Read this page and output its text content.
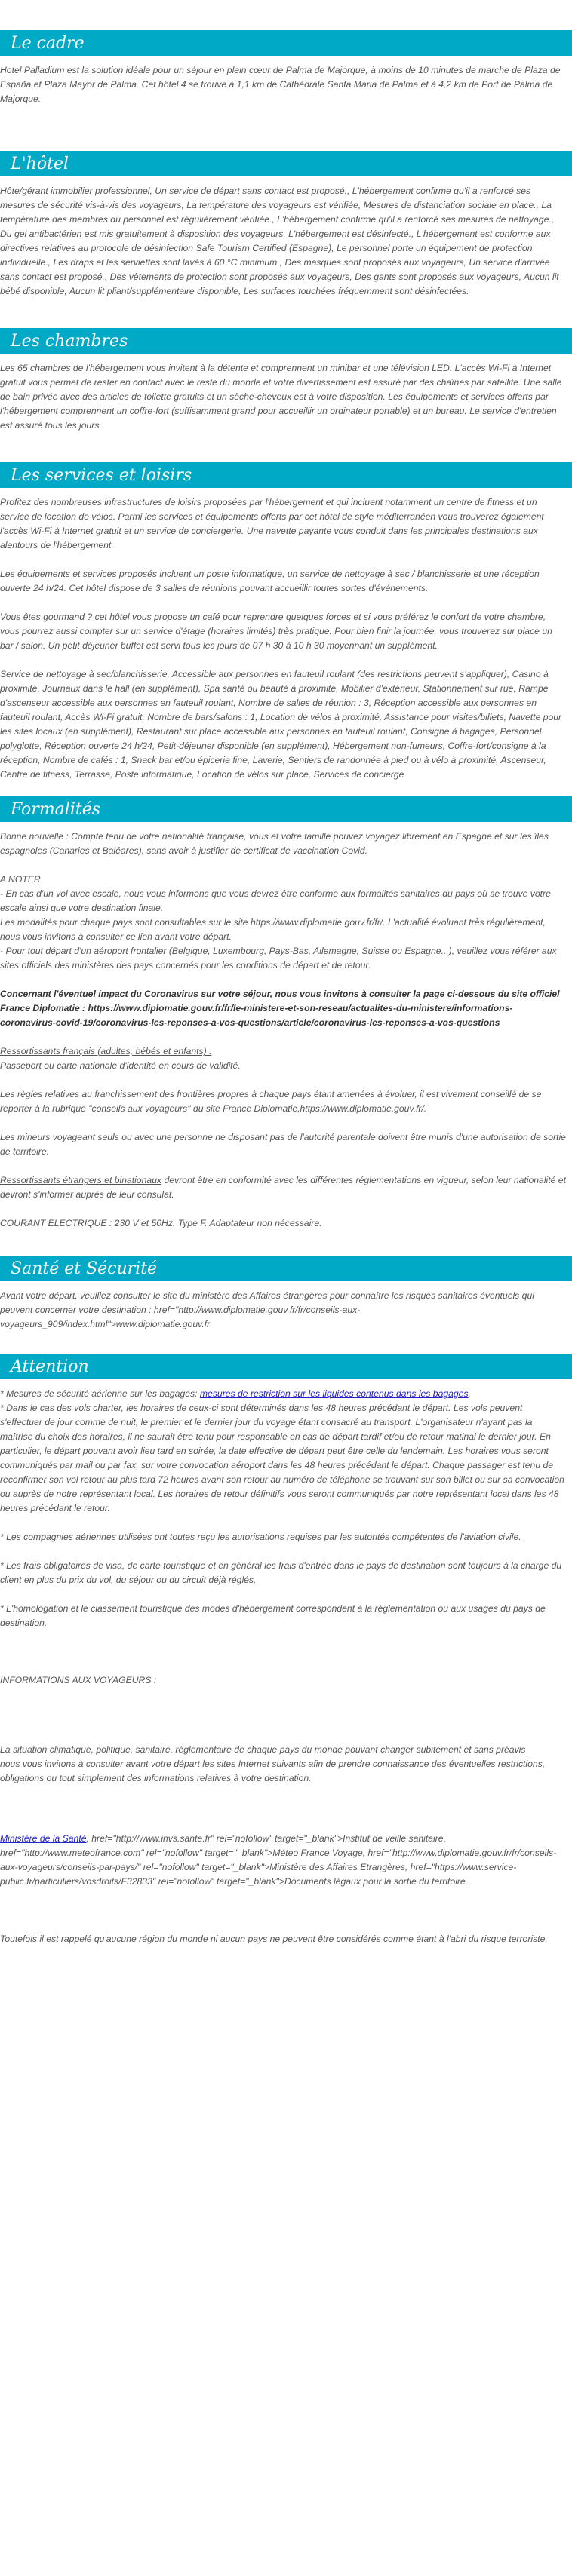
Le cadre

Hotel Palladium est la solution idéale pour un séjour en plein cœur de Palma de Majorque, à moins de 10 minutes de marche de Plaza de España et Plaza Mayor de Palma. Cet hôtel 4 se trouve à 1,1 km de Cathédrale Santa Maria de Palma et à 4,2 km de Port de Palma de Majorque.

L'hôtel

Hôte/gérant immobilier professionnel, Un service de départ sans contact est proposé., L'hébergement confirme qu'il a renforcé ses mesures de sécurité vis-à-vis des voyageurs, La température des voyageurs est vérifiée, Mesures de distanciation sociale en place., La température des membres du personnel est régulièrement vérifiée., L'hébergement confirme qu'il a renforcé ses mesures de nettoyage., Du gel antibactérien est mis gratuitement à disposition des voyageurs, L'hébergement est désinfecté., L'hébergement est conforme aux directives relatives au protocole de désinfection Safe Tourism Certified (Espagne), Le personnel porte un équipement de protection individuelle., Les draps et les serviettes sont lavés à 60 °C minimum., Des masques sont proposés aux voyageurs, Un service d'arrivée sans contact est proposé., Des vêtements de protection sont proposés aux voyageurs, Des gants sont proposés aux voyageurs, Aucun lit bébé disponible, Aucun lit pliant/supplémentaire disponible, Les surfaces touchées fréquemment sont désinfectées.

Les chambres

Les 65 chambres de l'hébergement vous invitent à la détente et comprennent un minibar et une télévision LED. L'accès Wi-Fi à Internet gratuit vous permet de rester en contact avec le reste du monde et votre divertissement est assuré par des chaînes par satellite. Une salle de bain privée avec des articles de toilette gratuits et un sèche-cheveux est à votre disposition. Les équipements et services offerts par l'hébergement comprennent un coffre-fort (suffisamment grand pour accueillir un ordinateur portable) et un bureau. Le service d'entretien est assuré tous les jours.

Les services et loisirs

Profitez des nombreuses infrastructures de loisirs proposées par l'hébergement et qui incluent notamment un centre de fitness et un service de location de vélos. Parmi les services et équipements offerts par cet hôtel de style méditerranéen vous trouverez également l'accès Wi-Fi à Internet gratuit et un service de conciergerie. Une navette payante vous conduit dans les principales destinations aux alentours de l'hébergement.

Les équipements et services proposés incluent un poste informatique, un service de nettoyage à sec / blanchisserie et une réception ouverte 24 h/24. Cet hôtel dispose de 3 salles de réunions pouvant accueillir toutes sortes d'événements.

Vous êtes gourmand ? cet hôtel vous propose un café pour reprendre quelques forces et si vous préférez le confort de votre chambre, vous pourrez aussi compter sur un service d'étage (horaires limités) très pratique. Pour bien finir la journée, vous trouverez sur place un bar / salon. Un petit déjeuner buffet est servi tous les jours de 07 h 30 à 10 h 30 moyennant un supplément.

Service de nettoyage à sec/blanchisserie, Accessible aux personnes en fauteuil roulant (des restrictions peuvent s'appliquer), Casino à proximité, Journaux dans le hall (en supplément), Spa santé ou beauté à proximité, Mobilier d'extérieur, Stationnement sur rue, Rampe d'ascenseur accessible aux personnes en fauteuil roulant, Nombre de salles de réunion : 3, Réception accessible aux personnes en fauteuil roulant, Accès Wi-Fi gratuit, Nombre de bars/salons : 1, Location de vélos à proximité, Assistance pour visites/billets, Navette pour les sites locaux (en supplément), Restaurant sur place accessible aux personnes en fauteuil roulant, Consigne à bagages, Personnel polyglotte, Réception ouverte 24 h/24, Petit-déjeuner disponible (en supplément), Hébergement non-fumeurs, Coffre-fort/consigne à la réception, Nombre de cafés : 1, Snack bar et/ou épicerie fine, Laverie, Sentiers de randonnée à pied ou à vélo à proximité, Ascenseur, Centre de fitness, Terrasse, Poste informatique, Location de vélos sur place, Services de concierge

Formalités

Bonne nouvelle : Compte tenu de votre nationalité française, vous et votre famille pouvez voyagez librement en Espagne et sur les îles espagnoles (Canaries et Baléares), sans avoir à justifier de certificat de vaccination Covid.

A NOTER

- En cas d'un vol avec escale, nous vous informons que vous devrez être conforme aux formalités sanitaires du pays où se trouve votre escale ainsi que votre destination finale.

Les modalités pour chaque pays sont consultables sur le site https://www.diplomatie.gouv.fr/fr/. L'actualité évoluant très régulièrement, nous vous invitons à consulter ce lien avant votre départ.

- Pour tout départ d'un aéroport frontalier (Belgique, Luxembourg, Pays-Bas, Allemagne, Suisse ou Espagne...), veuillez vous référer aux sites officiels des ministères des pays concernés pour les conditions de départ et de retour.

Concernant l'éventuel impact du Coronavirus sur votre séjour, nous vous invitons à consulter la page ci-dessous du site officiel France Diplomatie : https://www.diplomatie.gouv.fr/fr/le-ministere-et-son-reseau/actualites-du-ministere/informations-coronavirus-covid-19/coronavirus-les-reponses-a-vos-questions/article/coronavirus-les-reponses-a-vos-questions

Ressortissants français (adultes, bébés et enfants) :

Passeport ou carte nationale d'identité en cours de validité.

Les règles relatives au franchissement des frontières propres à chaque pays étant amenées à évoluer, il est vivement conseillé de se reporter à la rubrique "conseils aux voyageurs" du site France Diplomatie,https://www.diplomatie.gouv.fr/.

Les mineurs voyageant seuls ou avec une personne ne disposant pas de l'autorité parentale doivent être munis d'une autorisation de sortie de territoire.

Ressortissants étrangers et binationaux devront être en conformité avec les différentes réglementations en vigueur, selon leur nationalité et devront s'informer auprès de leur consulat.

COURANT ELECTRIQUE : 230 V et 50Hz. Type F. Adaptateur non nécessaire.

Santé et Sécurité

Avant votre départ, veuillez consulter le site du ministère des Affaires étrangères pour connaître les risques sanitaires éventuels qui peuvent concerner votre destination : href="http://www.diplomatie.gouv.fr/fr/conseils-aux-voyageurs_909/index.html">www.diplomatie.gouv.fr

Attention

* Mesures de sécurité aérienne sur les bagages: mesures de restriction sur les liquides contenus dans les bagages.

* Dans le cas des vols charter, les horaires de ceux-ci sont déterminés dans les 48 heures précédant le départ. Les vols peuvent s'effectuer de jour comme de nuit, le premier et le dernier jour du voyage étant consacré au transport. L'organisateur n'ayant pas la maîtrise du choix des horaires, il ne saurait être tenu pour responsable en cas de départ tardif et/ou de retour matinal le dernier jour. En particulier, le départ pouvant avoir lieu tard en soirée, la date effective de départ peut être celle du lendemain. Les horaires vous seront communiqués par mail ou par fax, sur votre convocation aéroport dans les 48 heures précédant le départ. Chaque passager est tenu de reconfirmer son vol retour au plus tard 72 heures avant son retour au numéro de téléphone se trouvant sur son billet ou sur sa convocation ou auprès de notre représentant local. Les horaires de retour définitifs vous seront communiqués par notre représentant local dans les 48 heures précédant le retour.

* Les compagnies aériennes utilisées ont toutes reçu les autorisations requises par les autorités compétentes de l'aviation civile.

* Les frais obligatoires de visa, de carte touristique et en général les frais d'entrée dans le pays de destination sont toujours à la charge du client en plus du prix du vol, du séjour ou du circuit déjà réglés.

* L'homologation et le classement touristique des modes d'hébergement correspondent à la réglementation ou aux usages du pays de destination.

INFORMATIONS AUX VOYAGEURS :

La situation climatique, politique, sanitaire, réglementaire de chaque pays du monde pouvant changer subitement et sans préavis

nous vous invitons à consulter avant votre départ les sites Internet suivants afin de prendre connaissance des éventuelles restrictions, obligations ou tout simplement des informations relatives à votre destination.

Ministère de la Santé, href="http://www.invs.sante.fr" rel="nofollow" target="_blank">Institut de veille sanitaire, href="http://www.meteofrance.com" rel="nofollow" target="_blank">Méteo France Voyage, href="http://www.diplomatie.gouv.fr/fr/conseils-aux-voyageurs/conseils-par-pays/" rel="nofollow" target="_blank">Ministère des Affaires Etrangères, href="https://www.service-public.fr/particuliers/vosdroits/F32833" rel="nofollow" target="_blank">Documents légaux pour la sortie du territoire.

Toutefois il est rappelé qu'aucune région du monde ni aucun pays ne peuvent être considérés comme étant à l'abri du risque terroriste.
